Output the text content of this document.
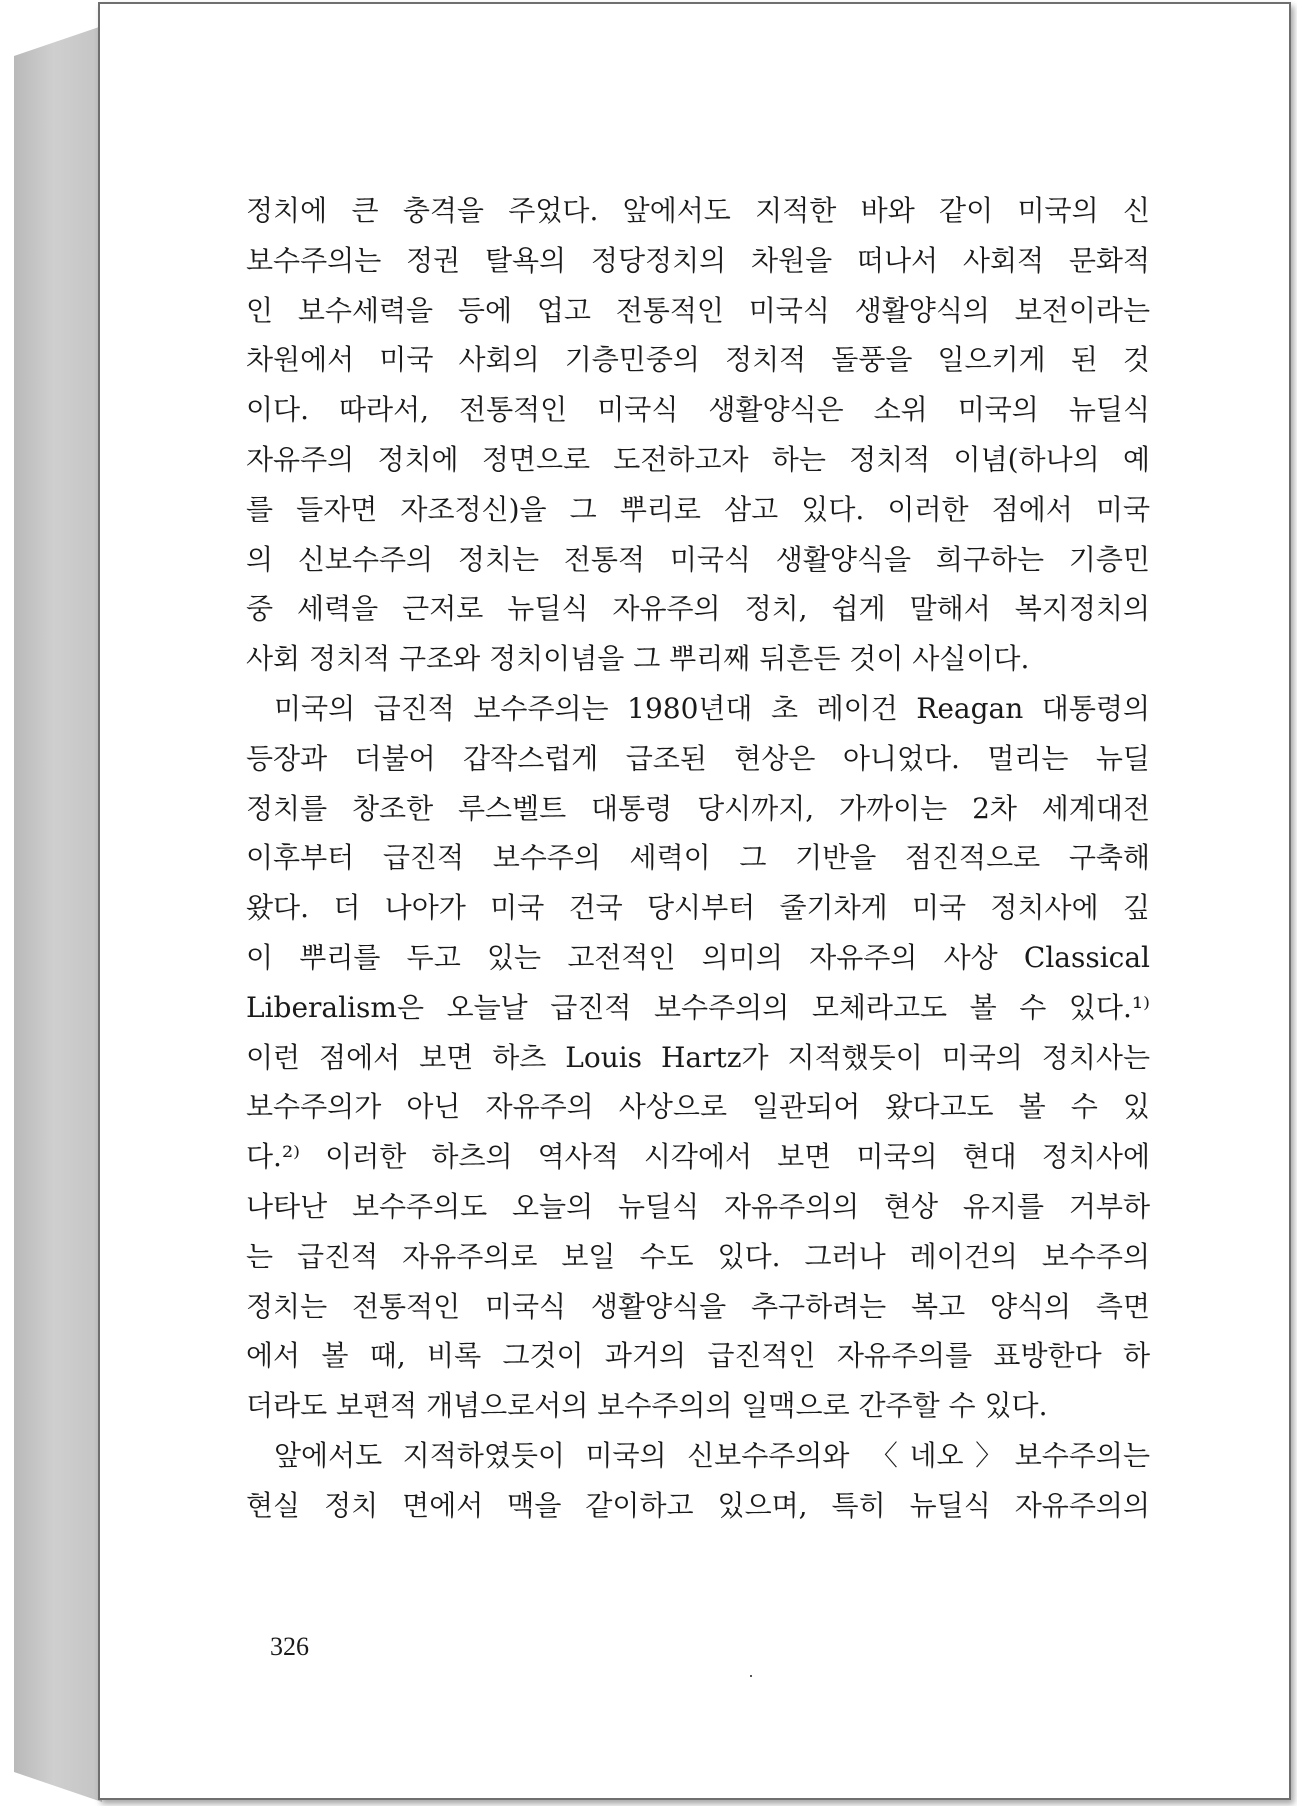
정치에 큰 충격을 주었다. 앞에서도 지적한 바와 같이 미국의 신
보수주의는 정권 탈욕의 정당정치의 차원을 떠나서 사회적 문화적
인 보수세력을 등에 업고 전통적인 미국식 생활양식의 보전이라는
차원에서 미국 사회의 기층민중의 정치적 돌풍을 일으키게 된 것
이다. 따라서, 전통적인 미국식 생활양식은 소위 미국의 뉴딜식
자유주의 정치에 정면으로 도전하고자 하는 정치적 이념(하나의 예
를 들자면 자조정신)을 그 뿌리로 삼고 있다. 이러한 점에서 미국
의 신보수주의 정치는 전통적 미국식 생활양식을 희구하는 기층민
중 세력을 근저로 뉴딜식 자유주의 정치, 쉽게 말해서 복지정치의
사회 정치적 구조와 정치이념을 그 뿌리째 뒤흔든 것이 사실이다.
미국의 급진적 보수주의는 1980년대 초 레이건 Reagan 대통령의
등장과 더불어 갑작스럽게 급조된 현상은 아니었다. 멀리는 뉴딜
정치를 창조한 루스벨트 대통령 당시까지, 가까이는 2차 세계대전
이후부터 급진적 보수주의 세력이 그 기반을 점진적으로 구축해
왔다. 더 나아가 미국 건국 당시부터 줄기차게 미국 정치사에 깊
이 뿌리를 두고 있는 고전적인 의미의 자유주의 사상 Classical
Liberalism은 오늘날 급진적 보수주의의 모체라고도 볼 수 있다.¹⁾
이런 점에서 보면 하츠 Louis Hartz가 지적했듯이 미국의 정치사는
보수주의가 아닌 자유주의 사상으로 일관되어 왔다고도 볼 수 있
다.²⁾ 이러한 하츠의 역사적 시각에서 보면 미국의 현대 정치사에
나타난 보수주의도 오늘의 뉴딜식 자유주의의 현상 유지를 거부하
는 급진적 자유주의로 보일 수도 있다. 그러나 레이건의 보수주의
정치는 전통적인 미국식 생활양식을 추구하려는 복고 양식의 측면
에서 볼 때, 비록 그것이 과거의 급진적인 자유주의를 표방한다 하
더라도 보편적 개념으로서의 보수주의의 일맥으로 간주할 수 있다.
앞에서도 지적하였듯이 미국의 신보수주의와 〈네오〉보수주의는
현실 정치 면에서 맥을 같이하고 있으며, 특히 뉴딜식 자유주의의
326
